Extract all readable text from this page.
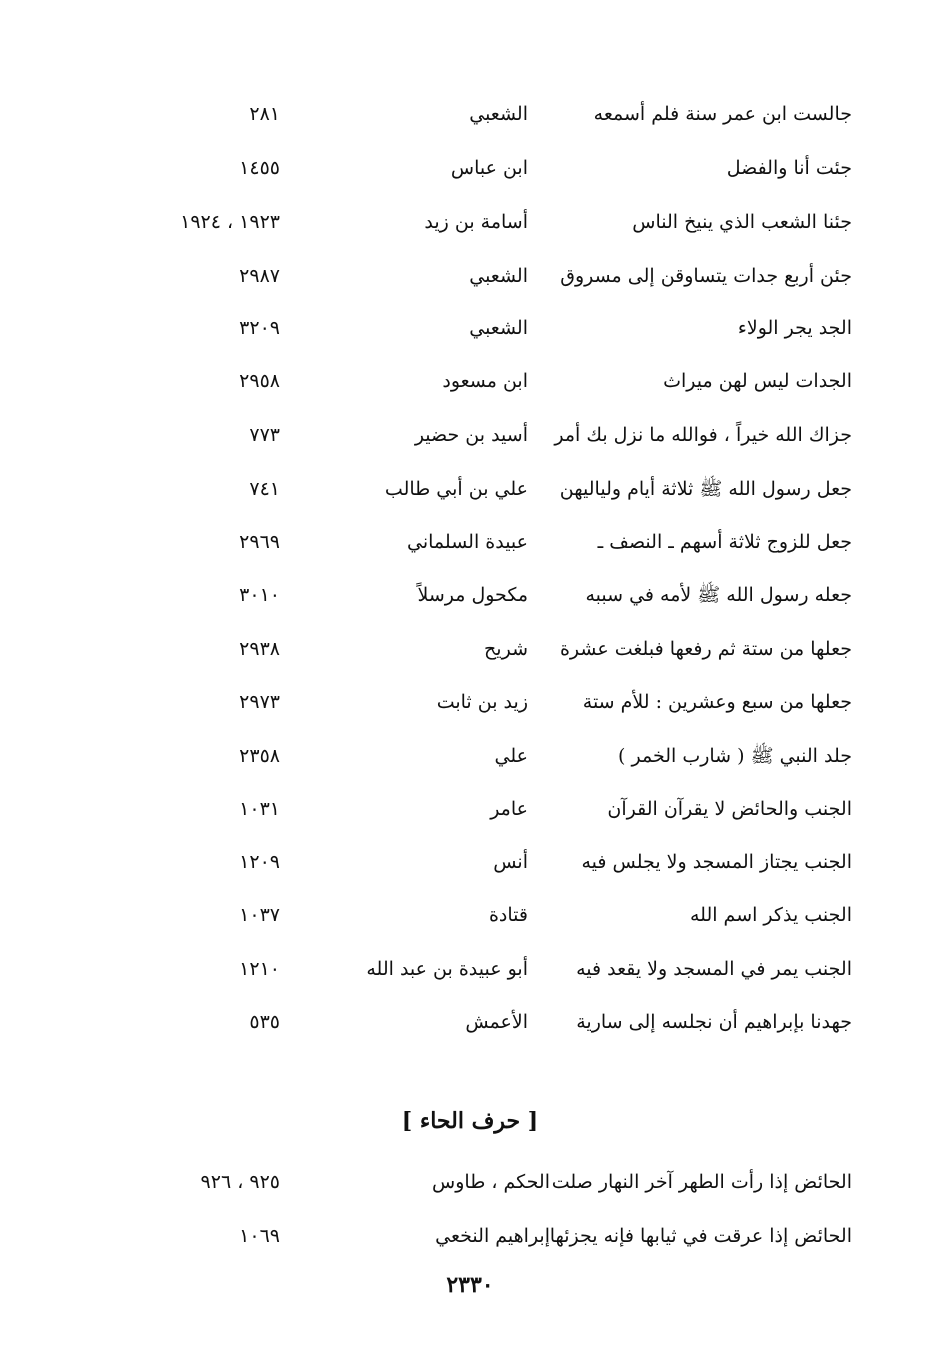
جالست ابن عمر سنة فلم أسمعه
الشعبي
٢٨١
جئت أنا والفضل
ابن عباس
١٤٥٥
جئنا الشعب الذي ينيخ الناس
أسامة بن زيد
١٩٢٣ ، ١٩٢٤
جئن أربع جدات يتساوقن إلى مسروق
الشعبي
٢٩٨٧
الجد يجر الولاء
الشعبي
٣٢٠٩
الجدات ليس لهن ميراث
ابن مسعود
٢٩٥٨
جزاك الله خيراً ، فوالله ما نزل بك أمر
أسيد بن حضير
٧٧٣
جعل رسول الله ﷺ ثلاثة أيام ولياليهن
علي بن أبي طالب
٧٤١
جعل للزوج ثلاثة أسهم ـ النصف ـ
عبيدة السلماني
٢٩٦٩
جعله رسول الله ﷺ لأمه في سببه
مكحول مرسلاً
٣٠١٠
جعلها من ستة ثم رفعها فبلغت عشرة
شريح
٢٩٣٨
جعلها من سبع وعشرين : للأم ستة
زيد بن ثابت
٢٩٧٣
جلد النبي ﷺ ( شارب الخمر )
علي
٢٣٥٨
الجنب والحائض لا يقرآن القرآن
عامر
١٠٣١
الجنب يجتاز المسجد ولا يجلس فيه
أنس
١٢٠٩
الجنب يذكر اسم الله
قتادة
١٠٣٧
الجنب يمر في المسجد ولا يقعد فيه
أبو عبيدة بن عبد الله
١٢١٠
جهدنا بإبراهيم أن نجلسه إلى سارية
الأعمش
٥٣٥
[ حرف الحاء ]
الحائض إذا رأت الطهر آخر النهار صلت
الحكم ، طاوس
٩٢٥ ، ٩٢٦
الحائض إذا عرقت في ثيابها فإنه يجزئها
إبراهيم النخعي
١٠٦٩
٢٣٣٠
